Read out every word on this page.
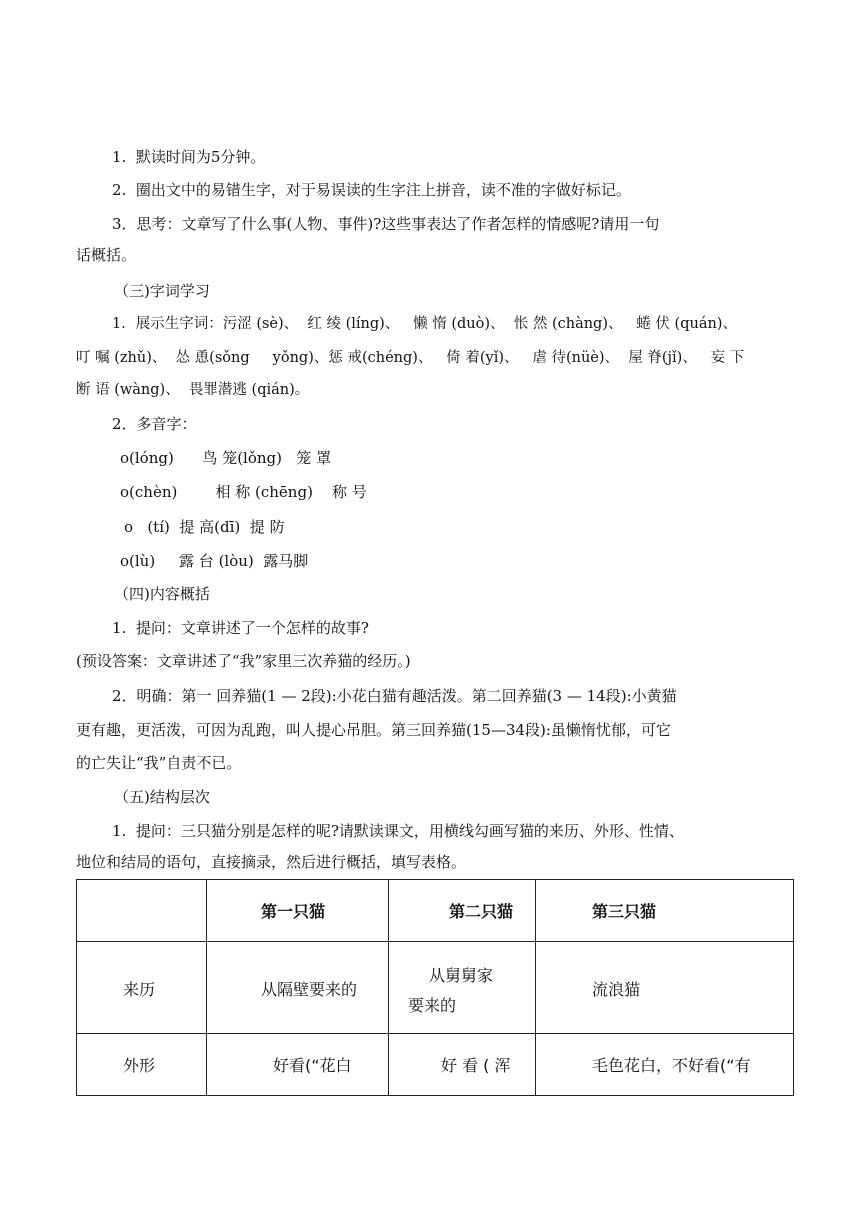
1.  默读时间为5分钟。
2.  圈出文中的易错生字，对于易误读的生字注上拼音，读不准的字做好标记。
3．思考：文章写了什么事(人物、事件)?这些事表达了作者怎样的情感呢?请用一句
话概括。
（三)字词学习
1．展示生字词：污涩 (sè)、  红 绫 (líng)、   懒 惰 (duò)、  怅 然 (chàng)、   蜷 伏 (quán)、
叮 嘱 (zhǔ)、  怂 恿(sǒng     yǒng)、惩 戒(chéng)、   倚 着(yǐ)、   虐 待(nüè)、  屋 脊(jǐ)、   妄 下
断 语 (wàng)、  畏罪潜逃 (qián)。
2．多音字：
o(lóng)      鸟 笼(lǒng)   笼 罩
o(chèn)        相 称 (chēng)    称 号
o   (tí)  提 高(dī)  提 防
o(lù)     露 台 (lòu)  露马脚
（四)内容概括
1.  提问：文章讲述了一个怎样的故事?
(预设答案：文章讲述了“我”家里三次养猫的经历。)
2．明确：第一 回养猫(1 — 2段):小花白猫有趣活泼。第二回养猫(3 — 14段):小黄猫
更有趣，更活泼，可因为乱跑，叫人提心吊胆。第三回养猫(15—34段):虽懒惰忧郁，可它
的亡失让“我”自责不已。
（五)结构层次
1.  提问：三只猫分别是怎样的呢?请默读课文，用横线勾画写猫的来历、外形、性情、
地位和结局的语句，直接摘录，然后进行概括，填写表格。

	第一只猫	第二只猫	第三只猫

来历	从隔壁要来的	从舅舅家
要来的	流浪猫

外形	好看(“花白	好 看 ( 浑	毛色花白，不好看(“有
